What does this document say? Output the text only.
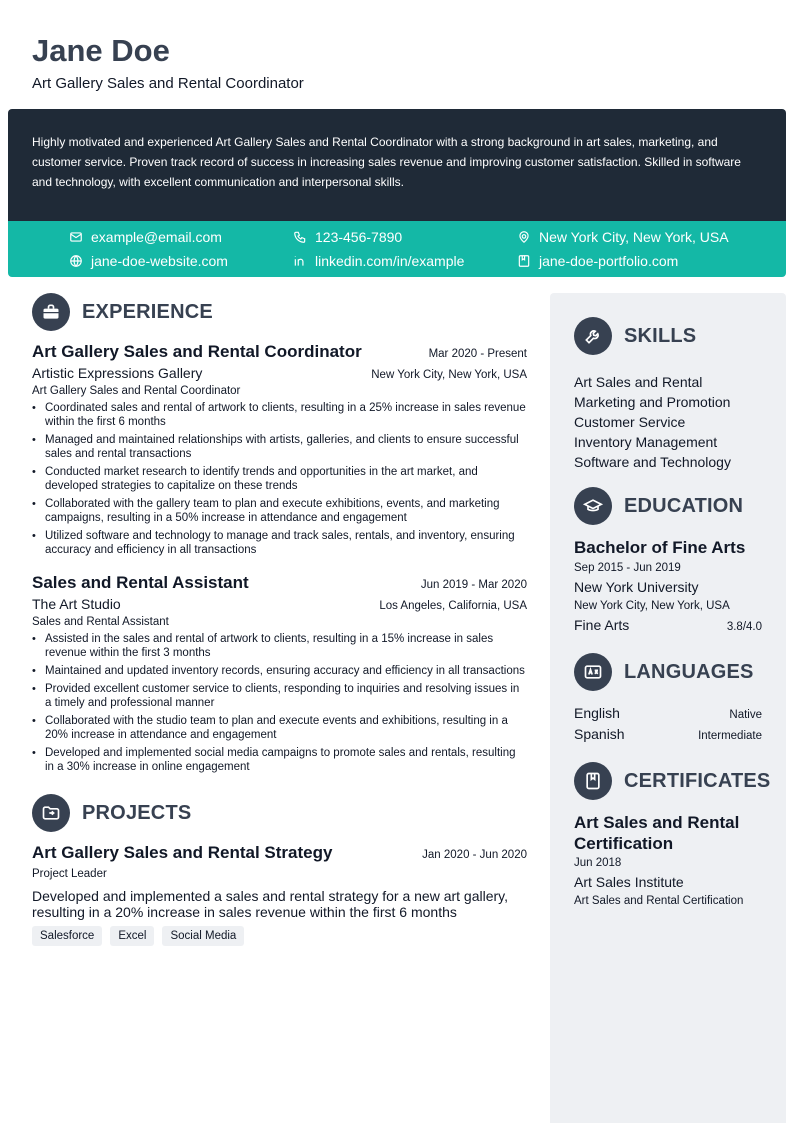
Jane Doe
Art Gallery Sales and Rental Coordinator
Highly motivated and experienced Art Gallery Sales and Rental Coordinator with a strong background in art sales, marketing, and customer service. Proven track record of success in increasing sales revenue and improving customer satisfaction. Skilled in software and technology, with excellent communication and interpersonal skills.
example@email.com	123-456-7890	New York City, New York, USA
jane-doe-website.com	linkedin.com/in/example	jane-doe-portfolio.com
EXPERIENCE
Art Gallery Sales and Rental Coordinator	Mar 2020 - Present
Artistic Expressions Gallery	New York City, New York, USA
Art Gallery Sales and Rental Coordinator
• Coordinated sales and rental of artwork to clients, resulting in a 25% increase in sales revenue within the first 6 months
• Managed and maintained relationships with artists, galleries, and clients to ensure successful sales and rental transactions
• Conducted market research to identify trends and opportunities in the art market, and developed strategies to capitalize on these trends
• Collaborated with the gallery team to plan and execute exhibitions, events, and marketing campaigns, resulting in a 50% increase in attendance and engagement
• Utilized software and technology to manage and track sales, rentals, and inventory, ensuring accuracy and efficiency in all transactions
Sales and Rental Assistant	Jun 2019 - Mar 2020
The Art Studio	Los Angeles, California, USA
Sales and Rental Assistant
• Assisted in the sales and rental of artwork to clients, resulting in a 15% increase in sales revenue within the first 3 months
• Maintained and updated inventory records, ensuring accuracy and efficiency in all transactions
• Provided excellent customer service to clients, responding to inquiries and resolving issues in a timely and professional manner
• Collaborated with the studio team to plan and execute events and exhibitions, resulting in a 20% increase in attendance and engagement
• Developed and implemented social media campaigns to promote sales and rentals, resulting in a 30% increase in online engagement
PROJECTS
Art Gallery Sales and Rental Strategy	Jan 2020 - Jun 2020
Project Leader
Developed and implemented a sales and rental strategy for a new art gallery, resulting in a 20% increase in sales revenue within the first 6 months
Salesforce	Excel	Social Media
SKILLS
Art Sales and Rental
Marketing and Promotion
Customer Service
Inventory Management
Software and Technology
EDUCATION
Bachelor of Fine Arts
Sep 2015 - Jun 2019
New York University
New York City, New York, USA
Fine Arts	3.8/4.0
LANGUAGES
English	Native
Spanish	Intermediate
CERTIFICATES
Art Sales and Rental Certification
Jun 2018
Art Sales Institute
Art Sales and Rental Certification
